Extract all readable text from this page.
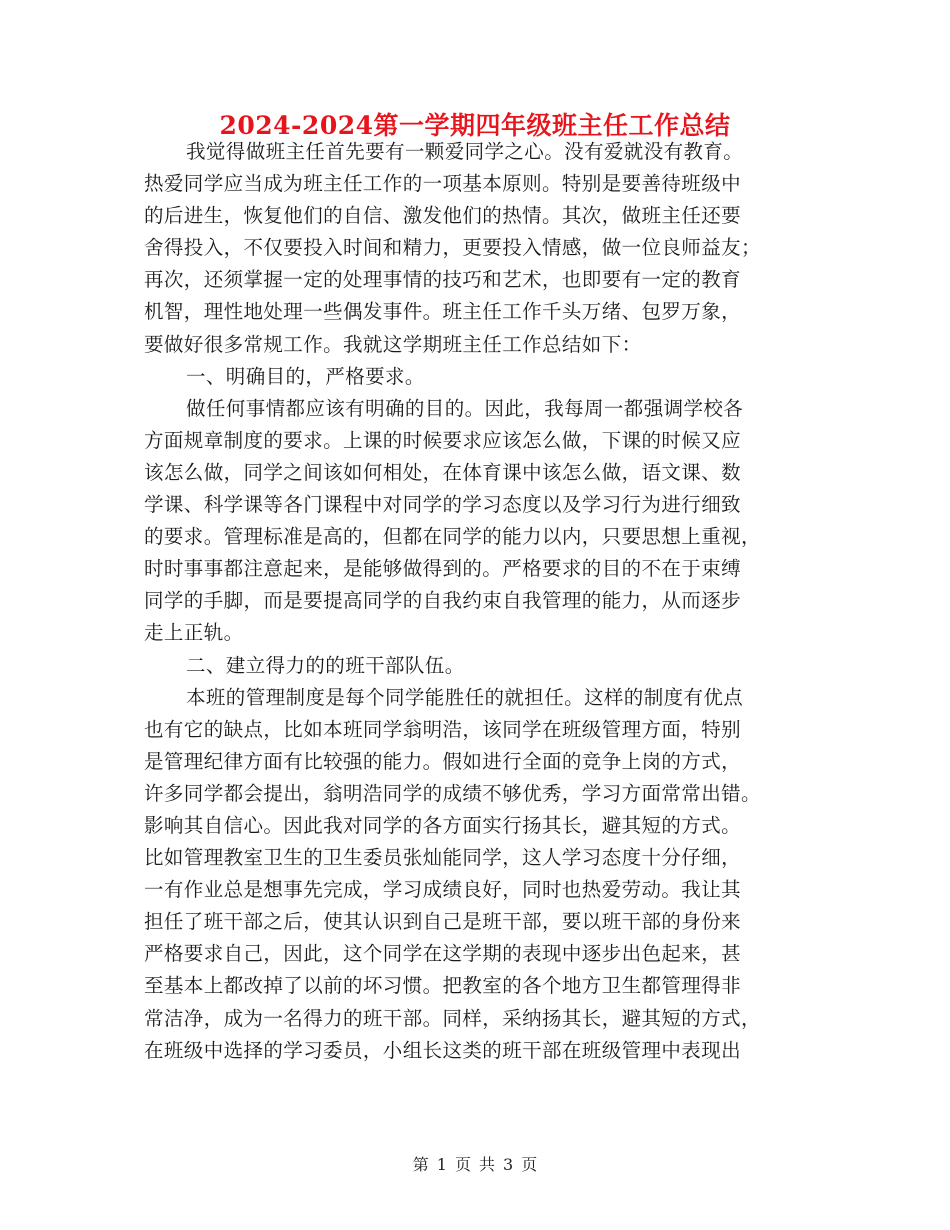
2024-2024第一学期四年级班主任工作总结
我觉得做班主任首先要有一颗爱同学之心。没有爱就没有教育。
热爱同学应当成为班主任工作的一项基本原则。特别是要善待班级中
的后进生，恢复他们的自信、激发他们的热情。其次，做班主任还要
舍得投入，不仅要投入时间和精力，更要投入情感，做一位良师益友；
再次，还须掌握一定的处理事情的技巧和艺术，也即要有一定的教育
机智，理性地处理一些偶发事件。班主任工作千头万绪、包罗万象，
要做好很多常规工作。我就这学期班主任工作总结如下：
一、明确目的，严格要求。
做任何事情都应该有明确的目的。因此，我每周一都强调学校各
方面规章制度的要求。上课的时候要求应该怎么做，下课的时候又应
该怎么做，同学之间该如何相处，在体育课中该怎么做，语文课、数
学课、科学课等各门课程中对同学的学习态度以及学习行为进行细致
的要求。管理标准是高的，但都在同学的能力以内，只要思想上重视，
时时事事都注意起来，是能够做得到的。严格要求的目的不在于束缚
同学的手脚，而是要提高同学的自我约束自我管理的能力，从而逐步
走上正轨。
二、建立得力的的班干部队伍。
本班的管理制度是每个同学能胜任的就担任。这样的制度有优点
也有它的缺点，比如本班同学翁明浩，该同学在班级管理方面，特别
是管理纪律方面有比较强的能力。假如进行全面的竞争上岗的方式，
许多同学都会提出，翁明浩同学的成绩不够优秀，学习方面常常出错。
影响其自信心。因此我对同学的各方面实行扬其长，避其短的方式。
比如管理教室卫生的卫生委员张灿能同学，这人学习态度十分仔细，
一有作业总是想事先完成，学习成绩良好，同时也热爱劳动。我让其
担任了班干部之后，使其认识到自己是班干部，要以班干部的身份来
严格要求自己，因此，这个同学在这学期的表现中逐步出色起来，甚
至基本上都改掉了以前的坏习惯。把教室的各个地方卫生都管理得非
常洁净，成为一名得力的班干部。同样，采纳扬其长，避其短的方式，
在班级中选择的学习委员，小组长这类的班干部在班级管理中表现出
第 1 页 共 3 页
